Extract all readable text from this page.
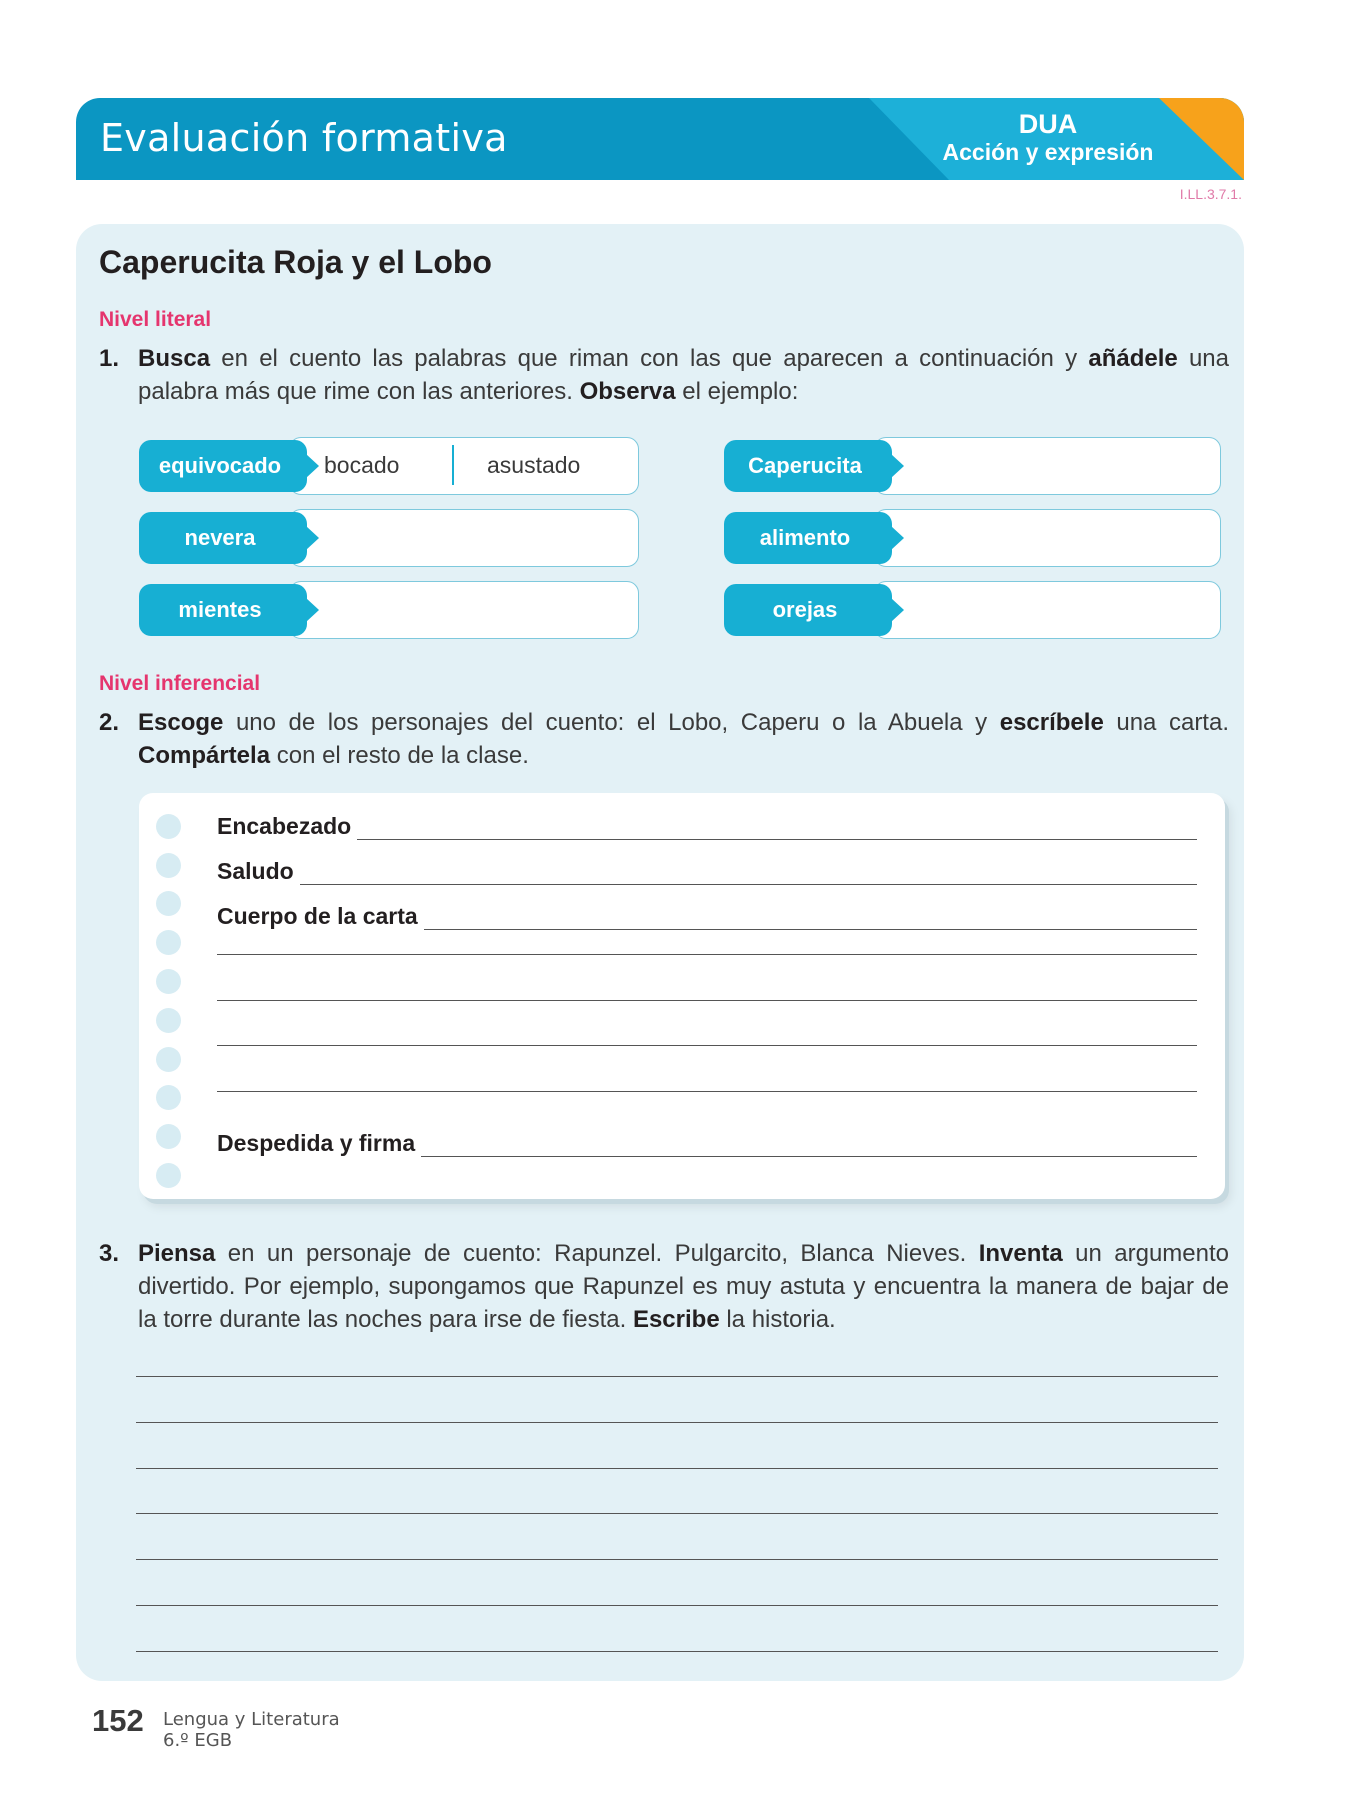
Evaluación formativa	DUA
Acción y expresión
I.LL.3.7.1.
Caperucita Roja y el Lobo
Nivel literal
1. Busca en el cuento las palabras que riman con las que aparecen a continuación y añádele una palabra más que rime con las anteriores. Observa el ejemplo:
equivocado	bocado	asustado
nevera
mientes
Caperucita
alimento
orejas
Nivel inferencial
2. Escoge uno de los personajes del cuento: el Lobo, Caperu o la Abuela y escríbele una carta. Compártela con el resto de la clase.
Encabezado
Saludo
Cuerpo de la carta
Despedida y firma
3. Piensa en un personaje de cuento: Rapunzel. Pulgarcito, Blanca Nieves. Inventa un argumento divertido. Por ejemplo, supongamos que Rapunzel es muy astuta y encuentra la manera de bajar de la torre durante las noches para irse de fiesta. Escribe la historia.
152 Lengua y Literatura
6.º EGB
